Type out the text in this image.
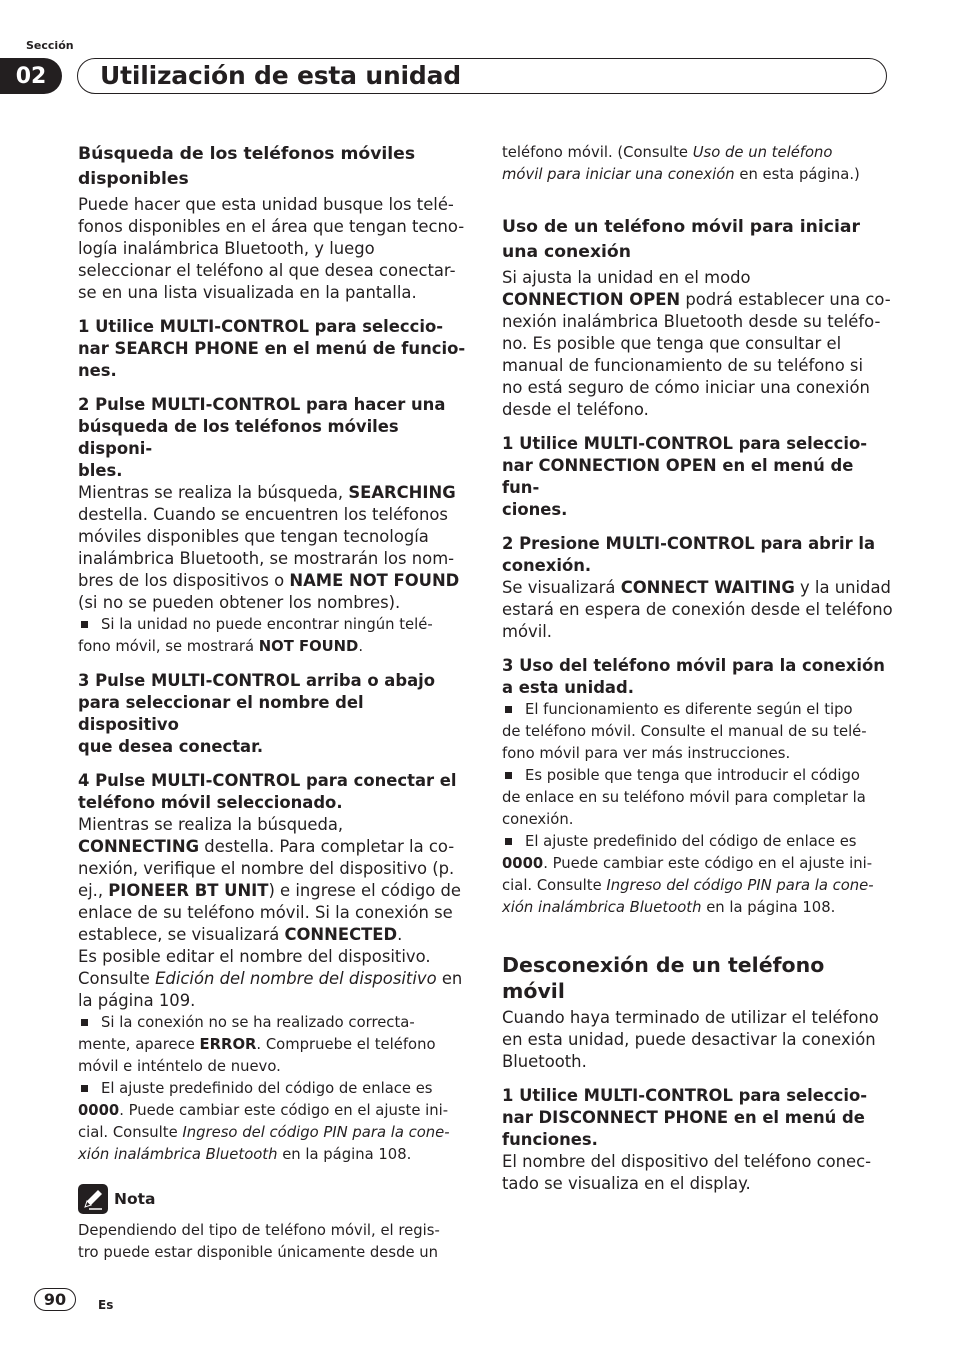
Sección
02	Utilización de esta unidad

Búsqueda de los teléfonos móviles
disponibles

Puede hacer que esta unidad busque los telé-
fonos disponibles en el área que tengan tecno-
logía inalámbrica Bluetooth, y luego
seleccionar el teléfono al que desea conectar-
se en una lista visualizada en la pantalla.

1 Utilice MULTI-CONTROL para seleccio-
nar SEARCH PHONE en el menú de funcio-
nes.

2 Pulse MULTI-CONTROL para hacer una
búsqueda de los teléfonos móviles disponi-
bles.

Mientras se realiza la búsqueda, SEARCHING
destella. Cuando se encuentren los teléfonos
móviles disponibles que tengan tecnología
inalámbrica Bluetooth, se mostrarán los nom-
bres de los dispositivos o NAME NOT FOUND
(si no se pueden obtener los nombres).

Si la unidad no puede encontrar ningún telé-
fono móvil, se mostrará NOT FOUND.

3 Pulse MULTI-CONTROL arriba o abajo
para seleccionar el nombre del dispositivo
que desea conectar.

4 Pulse MULTI-CONTROL para conectar el
teléfono móvil seleccionado.

Mientras se realiza la búsqueda,
CONNECTING destella. Para completar la co-
nexión, verifique el nombre del dispositivo (p.
ej., PIONEER BT UNIT) e ingrese el código de
enlace de su teléfono móvil. Si la conexión se
establece, se visualizará CONNECTED.
Es posible editar el nombre del dispositivo.
Consulte Edición del nombre del dispositivo en
la página 109.

Si la conexión no se ha realizado correcta-
mente, aparece ERROR. Compruebe el teléfono
móvil e inténtelo de nuevo.

El ajuste predefinido del código de enlace es
0000. Puede cambiar este código en el ajuste ini-
cial. Consulte Ingreso del código PIN para la cone-
xión inalámbrica Bluetooth en la página 108.

Nota

Dependiendo del tipo de teléfono móvil, el regis-
tro puede estar disponible únicamente desde un

teléfono móvil. (Consulte Uso de un teléfono
móvil para iniciar una conexión en esta página.)

Uso de un teléfono móvil para iniciar
una conexión

Si ajusta la unidad en el modo
CONNECTION OPEN podrá establecer una co-
nexión inalámbrica Bluetooth desde su teléfo-
no. Es posible que tenga que consultar el
manual de funcionamiento de su teléfono si
no está seguro de cómo iniciar una conexión
desde el teléfono.

1 Utilice MULTI-CONTROL para seleccio-
nar CONNECTION OPEN en el menú de fun-
ciones.

2 Presione MULTI-CONTROL para abrir la
conexión.

Se visualizará CONNECT WAITING y la unidad
estará en espera de conexión desde el teléfono
móvil.

3 Uso del teléfono móvil para la conexión
a esta unidad.

El funcionamiento es diferente según el tipo
de teléfono móvil. Consulte el manual de su telé-
fono móvil para ver más instrucciones.

Es posible que tenga que introducir el código
de enlace en su teléfono móvil para completar la
conexión.

El ajuste predefinido del código de enlace es
0000. Puede cambiar este código en el ajuste ini-
cial. Consulte Ingreso del código PIN para la cone-
xión inalámbrica Bluetooth en la página 108.

Desconexión de un teléfono móvil

Cuando haya terminado de utilizar el teléfono
en esta unidad, puede desactivar la conexión
Bluetooth.

1 Utilice MULTI-CONTROL para seleccio-
nar DISCONNECT PHONE en el menú de
funciones.

El nombre del dispositivo del teléfono conec-
tado se visualiza en el display.

90	Es
